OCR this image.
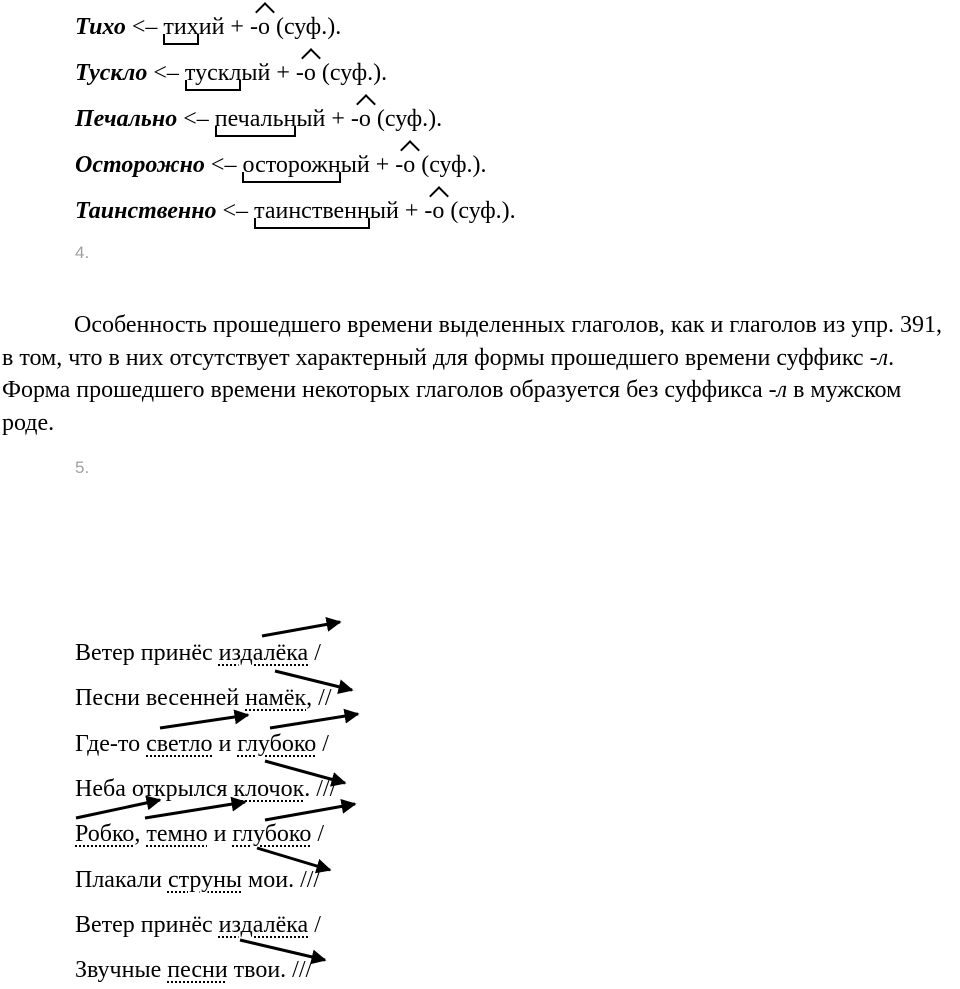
Тихо <– тихий + -о (суф.).
Тускло <– тусклый + -о (суф.).
Печально <– печальный + -о (суф.).
Осторожно <– осторожный + -о (суф.).
Таинственно <– таинственный + -о (суф.).
4.

Особенность прошедшего времени выделенных глаголов, как и глаголов из упр. 391, в том, что в них отсутствует характерный для формы прошедшего времени суффикс -л. Форма прошедшего времени некоторых глаголов образуется без суффикса -л в мужском роде.

5.
Ветер принёс издалёка /
Песни весенней намёк, //
Где-то светло и глубоко /
Неба открылся клочок. ///
Робко, темно и глубоко /
Плакали струны мои. ///
Ветер принёс издалёка /
Звучные песни твои. ///
